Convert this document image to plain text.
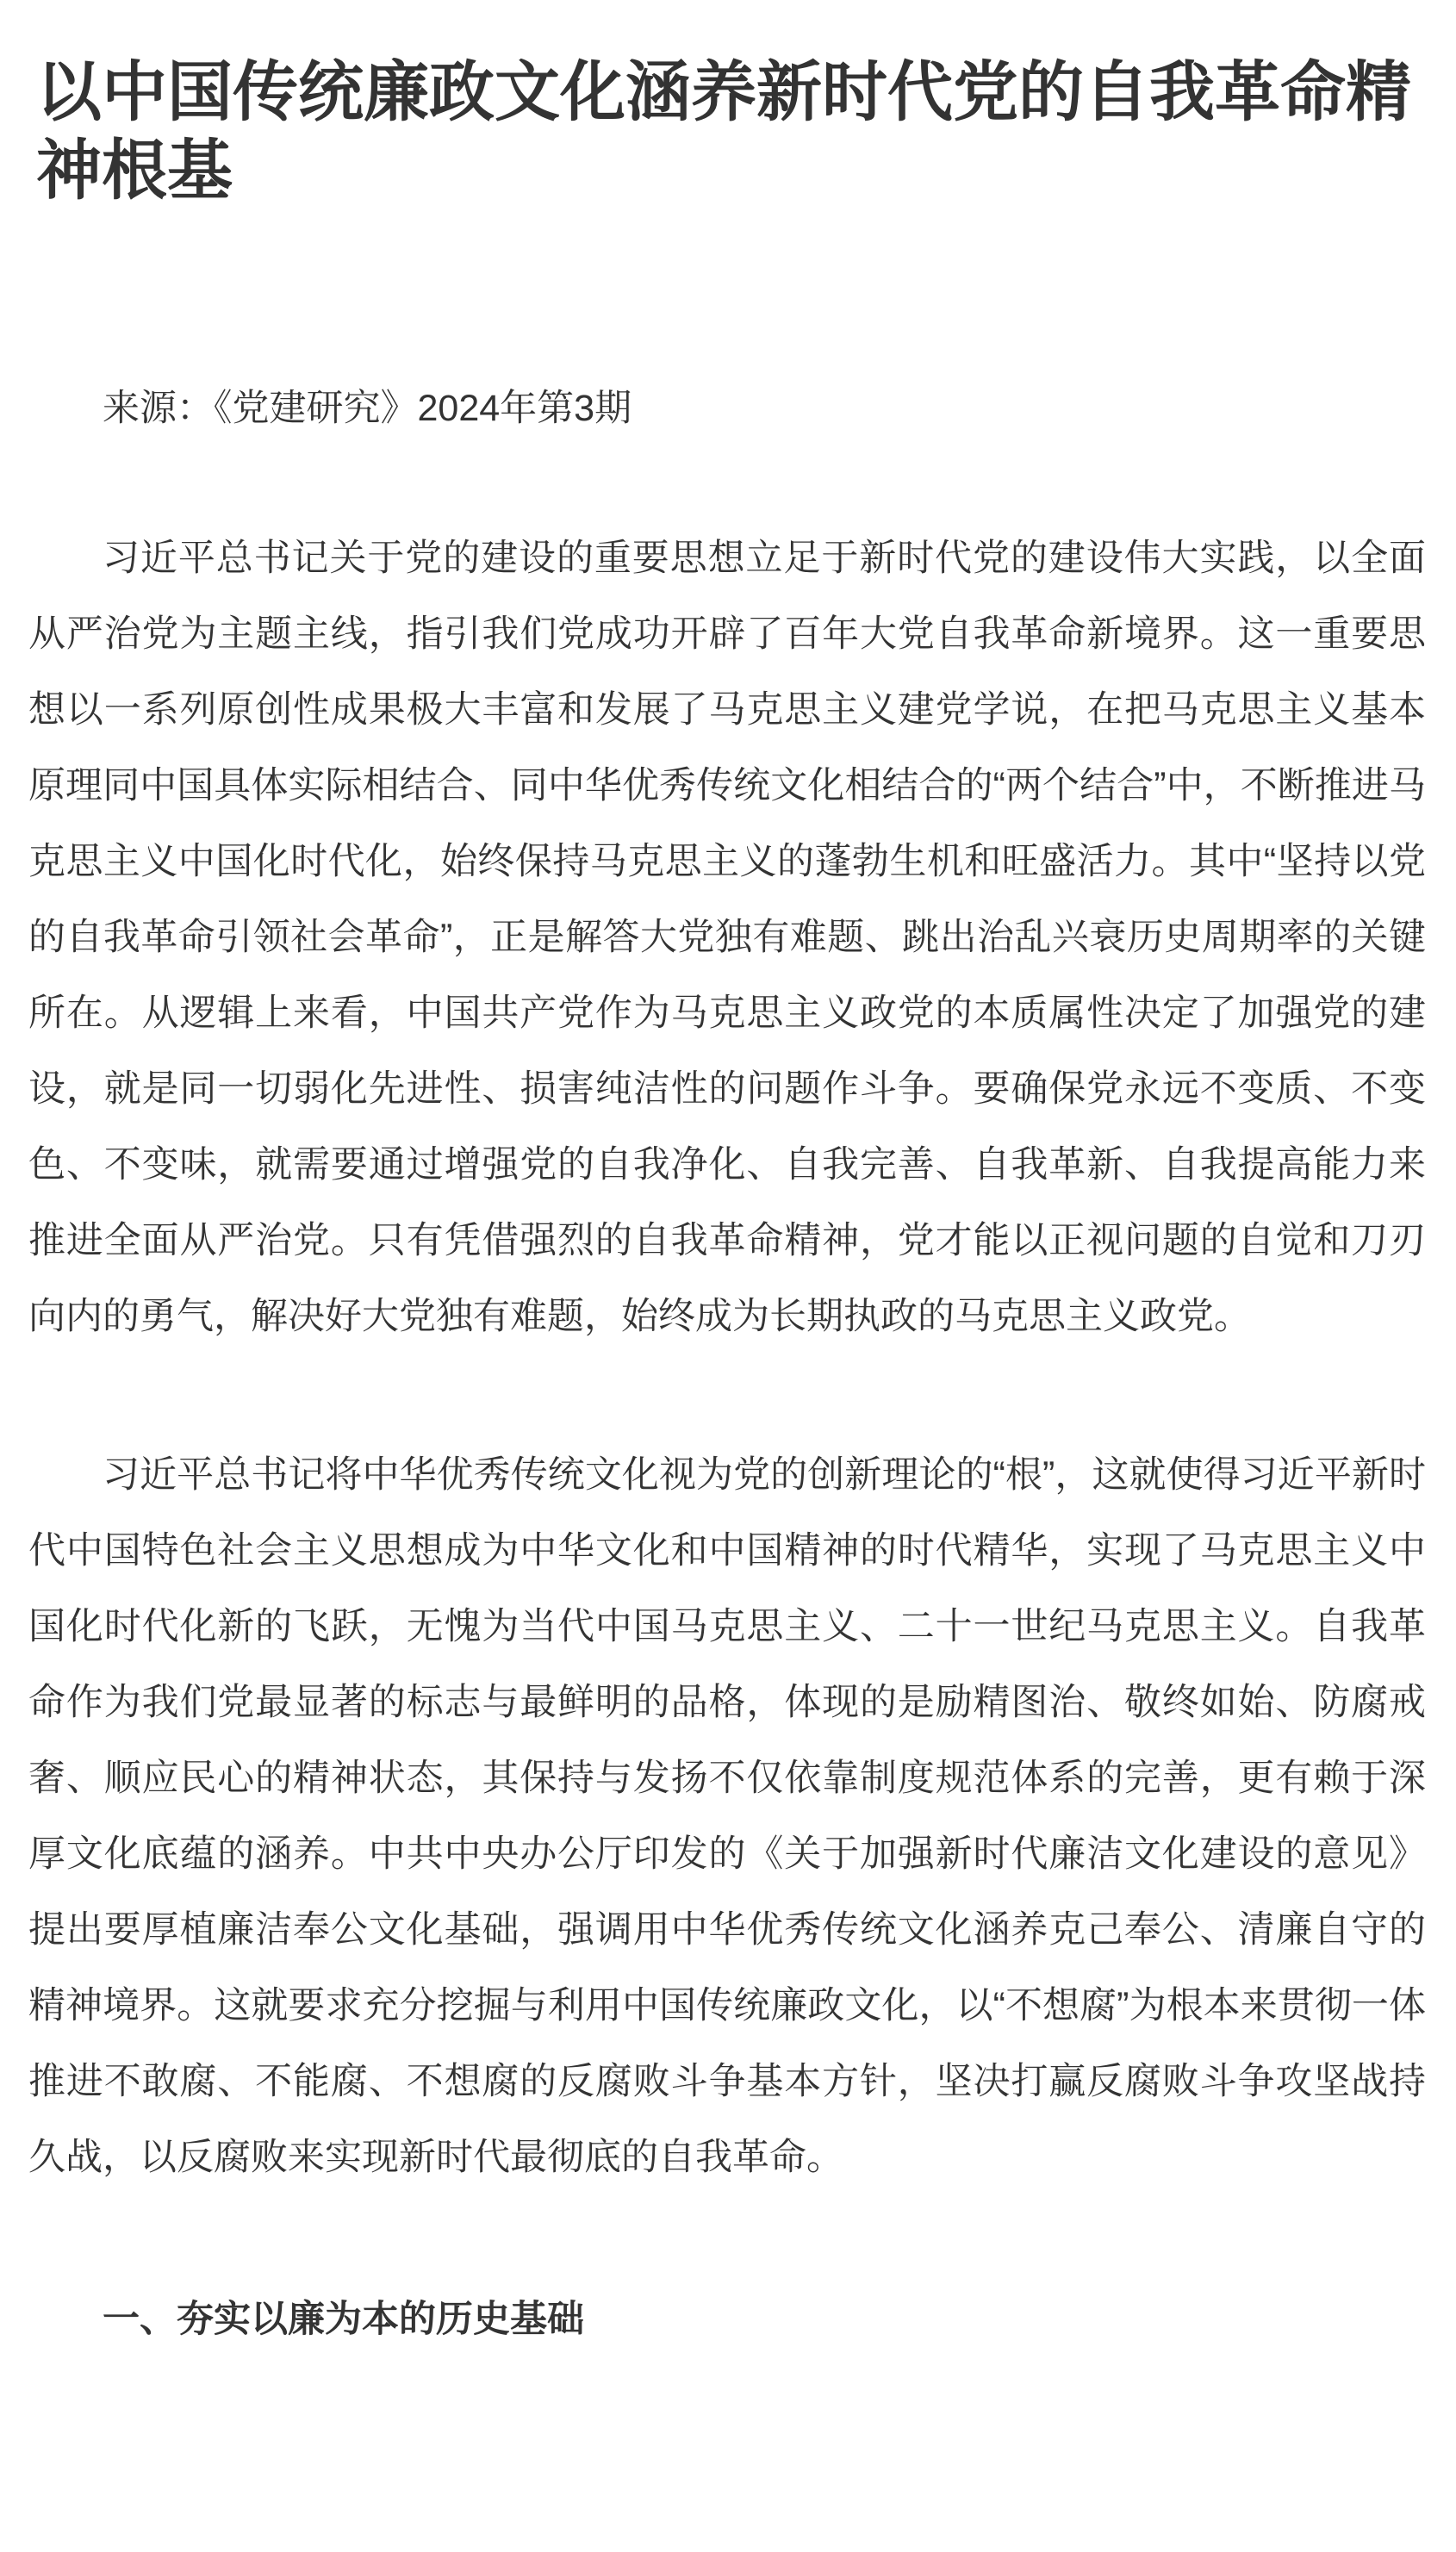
以中国传统廉政文化涵养新时代党的自我革命精神根基

来源：《党建研究》2024年第3期

习近平总书记关于党的建设的重要思想立足于新时代党的建设伟大实践，以全面从严治党为主题主线，指引我们党成功开辟了百年大党自我革命新境界。这一重要思想以一系列原创性成果极大丰富和发展了马克思主义建党学说，在把马克思主义基本原理同中国具体实际相结合、同中华优秀传统文化相结合的“两个结合”中，不断推进马克思主义中国化时代化，始终保持马克思主义的蓬勃生机和旺盛活力。其中“坚持以党的自我革命引领社会革命”，正是解答大党独有难题、跳出治乱兴衰历史周期率的关键所在。从逻辑上来看，中国共产党作为马克思主义政党的本质属性决定了加强党的建设，就是同一切弱化先进性、损害纯洁性的问题作斗争。要确保党永远不变质、不变色、不变味，就需要通过增强党的自我净化、自我完善、自我革新、自我提高能力来推进全面从严治党。只有凭借强烈的自我革命精神，党才能以正视问题的自觉和刀刃向内的勇气，解决好大党独有难题，始终成为长期执政的马克思主义政党。

习近平总书记将中华优秀传统文化视为党的创新理论的“根”，这就使得习近平新时代中国特色社会主义思想成为中华文化和中国精神的时代精华，实现了马克思主义中国化时代化新的飞跃，无愧为当代中国马克思主义、二十一世纪马克思主义。自我革命作为我们党最显著的标志与最鲜明的品格，体现的是励精图治、敬终如始、防腐戒奢、顺应民心的精神状态，其保持与发扬不仅依靠制度规范体系的完善，更有赖于深厚文化底蕴的涵养。中共中央办公厅印发的《关于加强新时代廉洁文化建设的意见》提出要厚植廉洁奉公文化基础，强调用中华优秀传统文化涵养克己奉公、清廉自守的精神境界。这就要求充分挖掘与利用中国传统廉政文化，以“不想腐”为根本来贯彻一体推进不敢腐、不能腐、不想腐的反腐败斗争基本方针，坚决打赢反腐败斗争攻坚战持久战，以反腐败来实现新时代最彻底的自我革命。

一、夯实以廉为本的历史基础
